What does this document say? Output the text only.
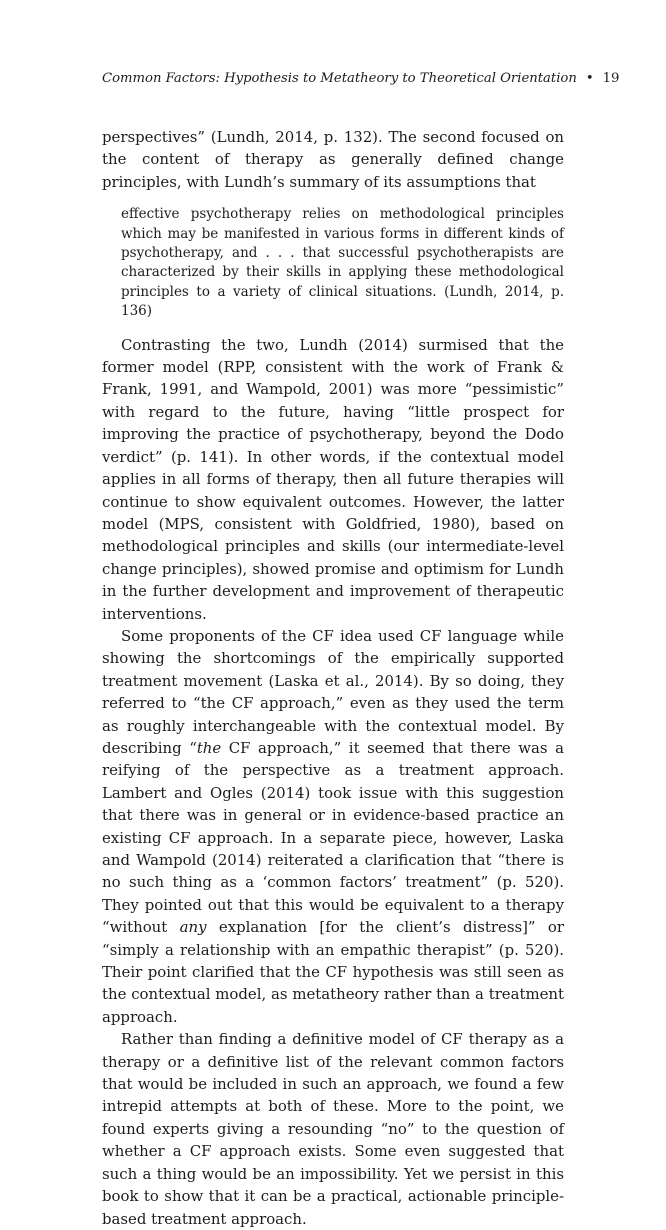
Common Factors: Hypothesis to Metatheory to Theoretical Orientation • 19

perspectives” (Lundh, 2014, p. 132). The second focused on the content of therapy as generally defined change principles, with Lundh’s summary of its assumptions that

effective psychotherapy relies on methodological principles which may be manifested in various forms in different kinds of psychotherapy, and . . . that successful psychotherapists are characterized by their skills in applying these methodological principles to a variety of clinical situations. (Lundh, 2014, p. 136)

Contrasting the two, Lundh (2014) surmised that the former model (RPP, consistent with the work of Frank & Frank, 1991, and Wampold, 2001) was more “pessimistic” with regard to the future, having “little prospect for improving the practice of psychotherapy, beyond the Dodo verdict” (p. 141). In other words, if the contextual model applies in all forms of therapy, then all future therapies will continue to show equivalent outcomes. However, the latter model (MPS, consistent with Goldfried, 1980), based on methodological principles and skills (our intermediate-level change principles), showed promise and optimism for Lundh in the further development and improvement of therapeutic interventions.

Some proponents of the CF idea used CF language while showing the shortcomings of the empirically supported treatment movement (Laska et al., 2014). By so doing, they referred to “the CF approach,” even as they used the term as roughly interchangeable with the contextual model. By describing “the CF approach,” it seemed that there was a reifying of the perspective as a treatment approach. Lambert and Ogles (2014) took issue with this suggestion that there was in general or in evidence-based practice an existing CF approach. In a separate piece, however, Laska and Wampold (2014) reiterated a clarification that “there is no such thing as a ‘common factors’ treatment” (p. 520). They pointed out that this would be equivalent to a therapy “without any explanation [for the client’s distress]” or “simply a relationship with an empathic therapist” (p. 520). Their point clarified that the CF hypothesis was still seen as the contextual model, as metatheory rather than a treatment approach.

Rather than finding a definitive model of CF therapy as a therapy or a definitive list of the relevant common factors that would be included in such an approach, we found a few intrepid attempts at both of these. More to the point, we found experts giving a resounding “no” to the question of whether a CF approach exists. Some even suggested that such a thing would be an impossibility. Yet we persist in this book to show that it can be a practical, actionable principle-based treatment approach.
